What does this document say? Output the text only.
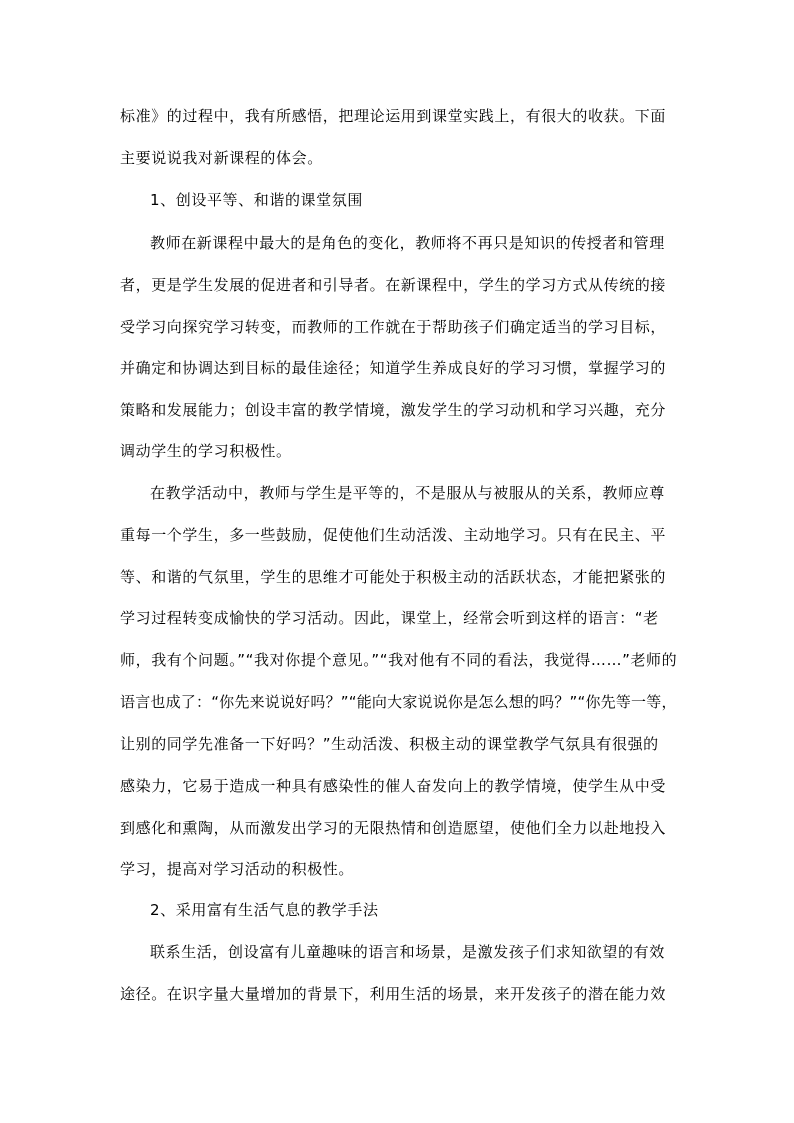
标准》的过程中，我有所感悟，把理论运用到课堂实践上，有很大的收获。下面
主要说说我对新课程的体会。
1、创设平等、和谐的课堂氛围
教师在新课程中最大的是角色的变化，教师将不再只是知识的传授者和管理
者，更是学生发展的促进者和引导者。在新课程中，学生的学习方式从传统的接
受学习向探究学习转变，而教师的工作就在于帮助孩子们确定适当的学习目标，
并确定和协调达到目标的最佳途径；知道学生养成良好的学习习惯，掌握学习的
策略和发展能力；创设丰富的教学情境，激发学生的学习动机和学习兴趣，充分
调动学生的学习积极性。
在教学活动中，教师与学生是平等的，不是服从与被服从的关系，教师应尊
重每一个学生，多一些鼓励，促使他们生动活泼、主动地学习。只有在民主、平
等、和谐的气氛里，学生的思维才可能处于积极主动的活跃状态，才能把紧张的
学习过程转变成愉快的学习活动。因此，课堂上，经常会听到这样的语言：“老
师，我有个问题。”“我对你提个意见。”“我对他有不同的看法，我觉得……”老师的
语言也成了：“你先来说说好吗？”“能向大家说说你是怎么想的吗？”“你先等一等，
让别的同学先准备一下好吗？”生动活泼、积极主动的课堂教学气氛具有很强的
感染力，它易于造成一种具有感染性的催人奋发向上的教学情境，使学生从中受
到感化和熏陶，从而激发出学习的无限热情和创造愿望，使他们全力以赴地投入
学习，提高对学习活动的积极性。
2、采用富有生活气息的教学手法
联系生活，创设富有儿童趣味的语言和场景，是激发孩子们求知欲望的有效
途径。在识字量大量增加的背景下，利用生活的场景，来开发孩子的潜在能力效
